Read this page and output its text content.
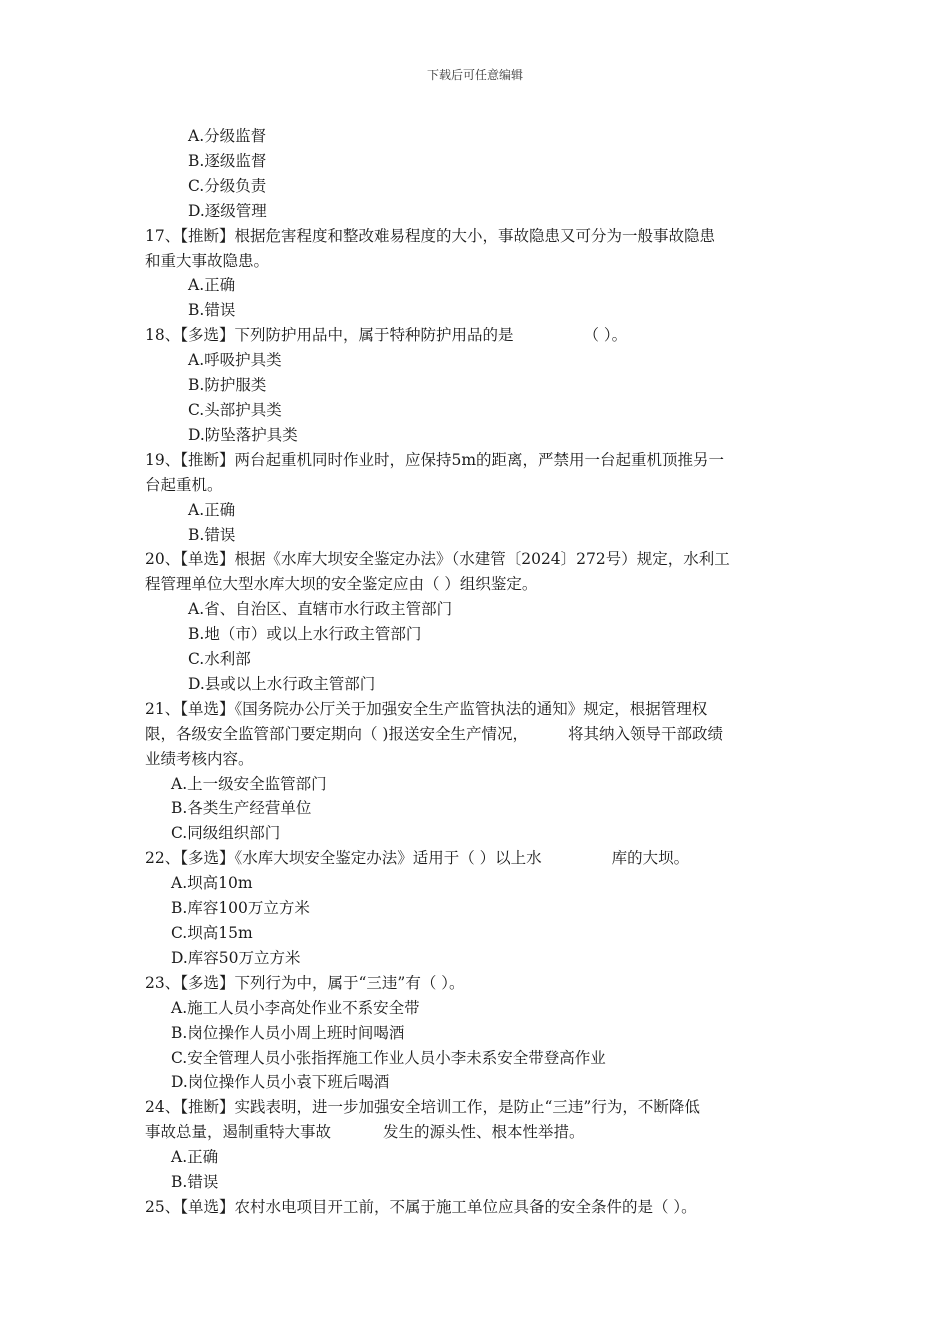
下载后可任意编辑

A.分级监督

B.逐级监督

C.分级负责

D.逐级管理

17、【推断】根据危害程度和整改难易程度的大小，事故隐患又可分为一般事故隐患

和重大事故隐患。

A.正确

B.错误

18、【多选】下列防护用品中，属于特种防护用品的是	（ ）。

A.呼吸护具类

B.防护服类

C.头部护具类

D.防坠落护具类

19、【推断】两台起重机同时作业时，应保持5m的距离，严禁用一台起重机顶推另一

台起重机。

A.正确

B.错误

20、【单选】根据《水库大坝安全鉴定办法》（水建管〔2024〕272号）规定，水利工

程管理单位大型水库大坝的安全鉴定应由（ ）组织鉴定。

A.省、自治区、直辖市水行政主管部门

B.地（市）或以上水行政主管部门

C.水利部

D.县或以上水行政主管部门

21、【单选】《国务院办公厅关于加强安全生产监管执法的通知》规定，根据管理权

限，各级安全监管部门要定期向（ )报送安全生产情况，	将其纳入领导干部政绩

业绩考核内容。

A.上一级安全监管部门

B.各类生产经营单位

C.同级组织部门

22、【多选】《水库大坝安全鉴定办法》适用于（ ）以上水	库的大坝。

A.坝高10m

B.库容100万立方米

C.坝高15m

D.库容50万立方米

23、【多选】下列行为中，属于“三违”有（ ）。

A.施工人员小李高处作业不系安全带

B.岗位操作人员小周上班时间喝酒

C.安全管理人员小张指挥施工作业人员小李未系安全带登高作业

D.岗位操作人员小袁下班后喝酒

24、【推断】实践表明，进一步加强安全培训工作，是防止“三违”行为，不断降低

事故总量，遏制重特大事故	发生的源头性、根本性举措。

A.正确

B.错误

25、【单选】农村水电项目开工前，不属于施工单位应具备的安全条件的是（ ）。
